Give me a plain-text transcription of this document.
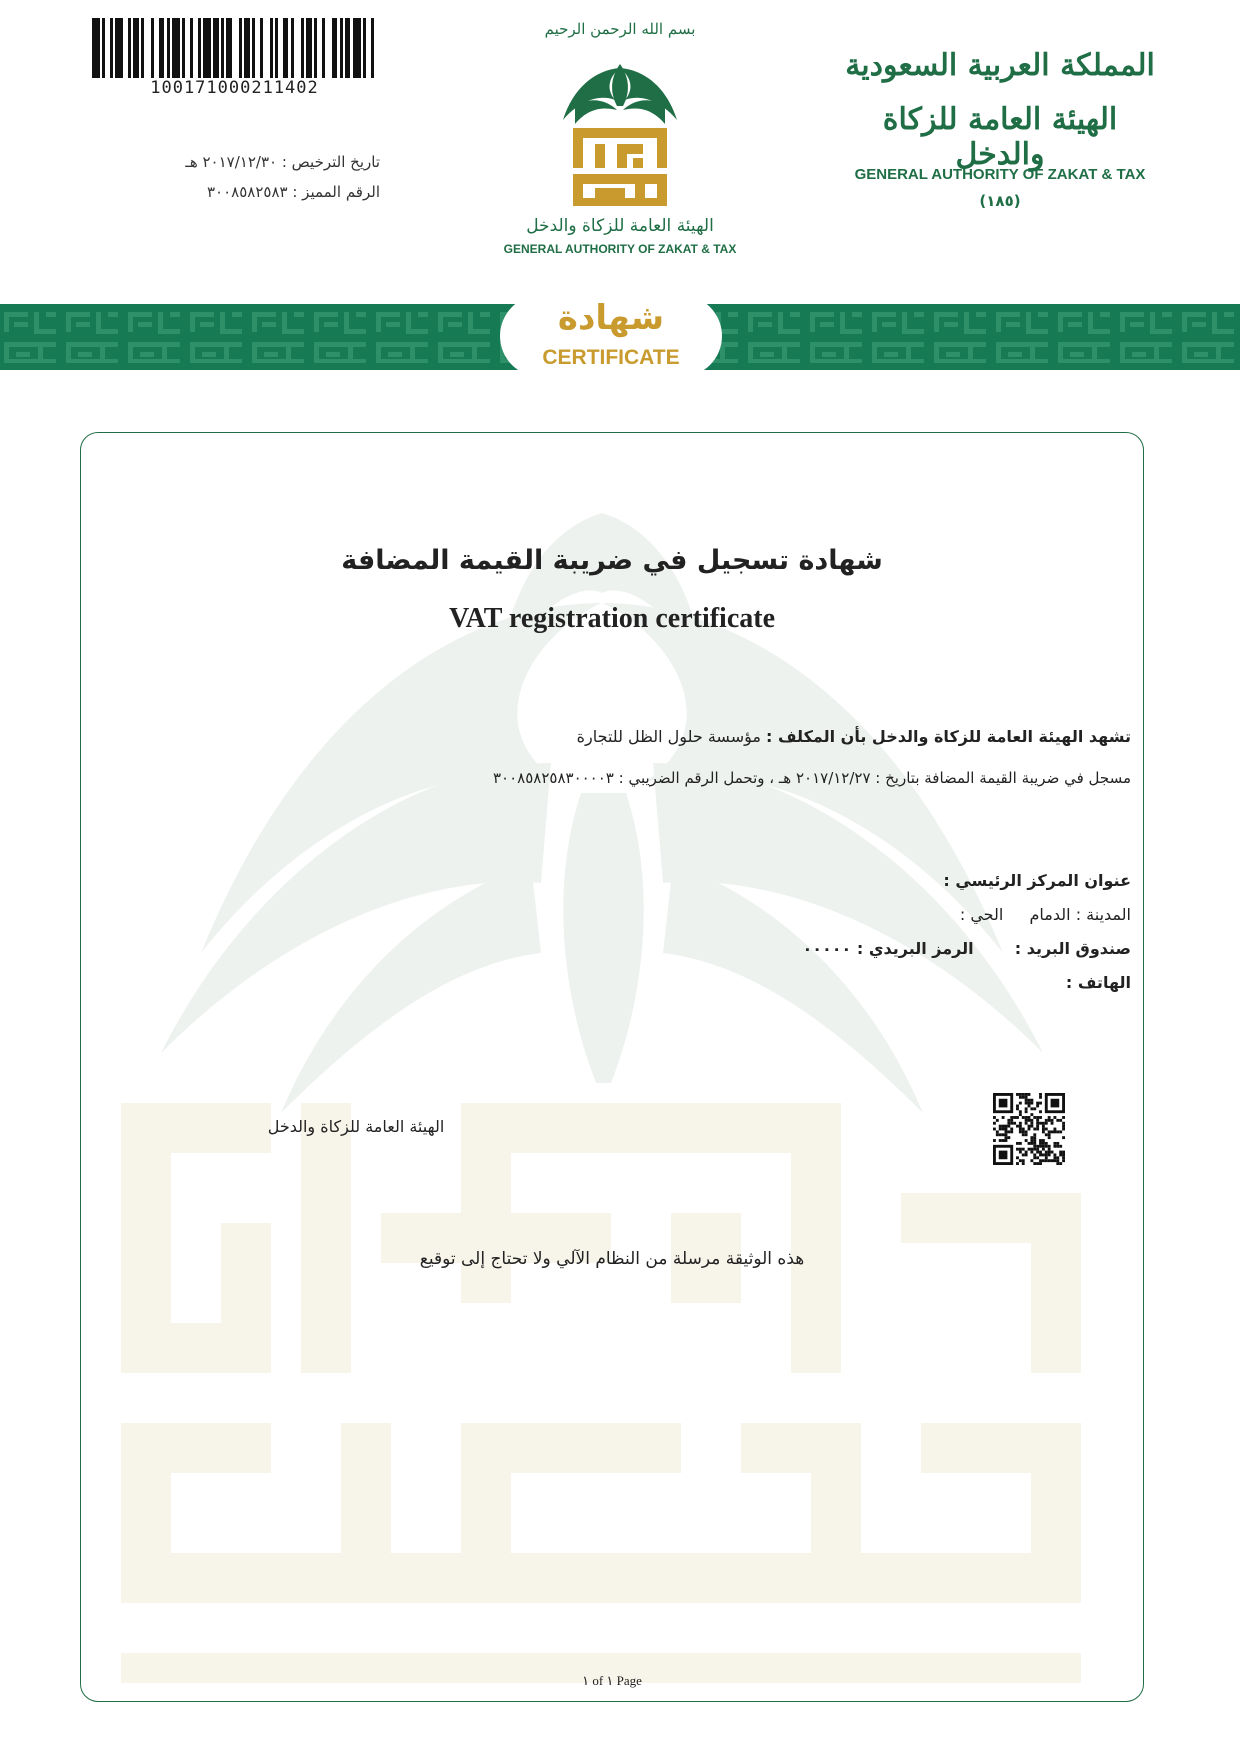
100171000211402
تاريخ الترخيص : ٢٠١٧/١٢/٣٠ هـ
الرقم المميز : ٣٠٠٨٥٨٢٥٨٣
بسم الله الرحمن الرحيم
الهيئة العامة للزكاة والدخل
GENERAL AUTHORITY OF ZAKAT & TAX
المملكة العربية السعودية
الهيئة العامة للزكاة والدخل
GENERAL AUTHORITY OF ZAKAT & TAX
(١٨٥)
شهادة
CERTIFICATE
شهادة تسجيل في ضريبة القيمة المضافة
VAT registration certificate
تشهد الهيئة العامة للزكاة والدخل بأن المكلف : مؤسسة حلول الظل للتجارة
مسجل في ضريبة القيمة المضافة بتاريخ : ٢٠١٧/١٢/٢٧ هـ ، وتحمل الرقم الضريبي : ٣٠٠٨٥٨٢٥٨٣٠٠٠٠٣
عنوان المركز الرئيسي :
المدينة : الدمام  الحي :
صندوق البريد :  الرمز البريدي : ٠٠٠٠٠
الهاتف :
الهيئة العامة للزكاة والدخل
هذه الوثيقة مرسلة من النظام الآلي ولا تحتاج إلى توقيع
١ of ١ Page
